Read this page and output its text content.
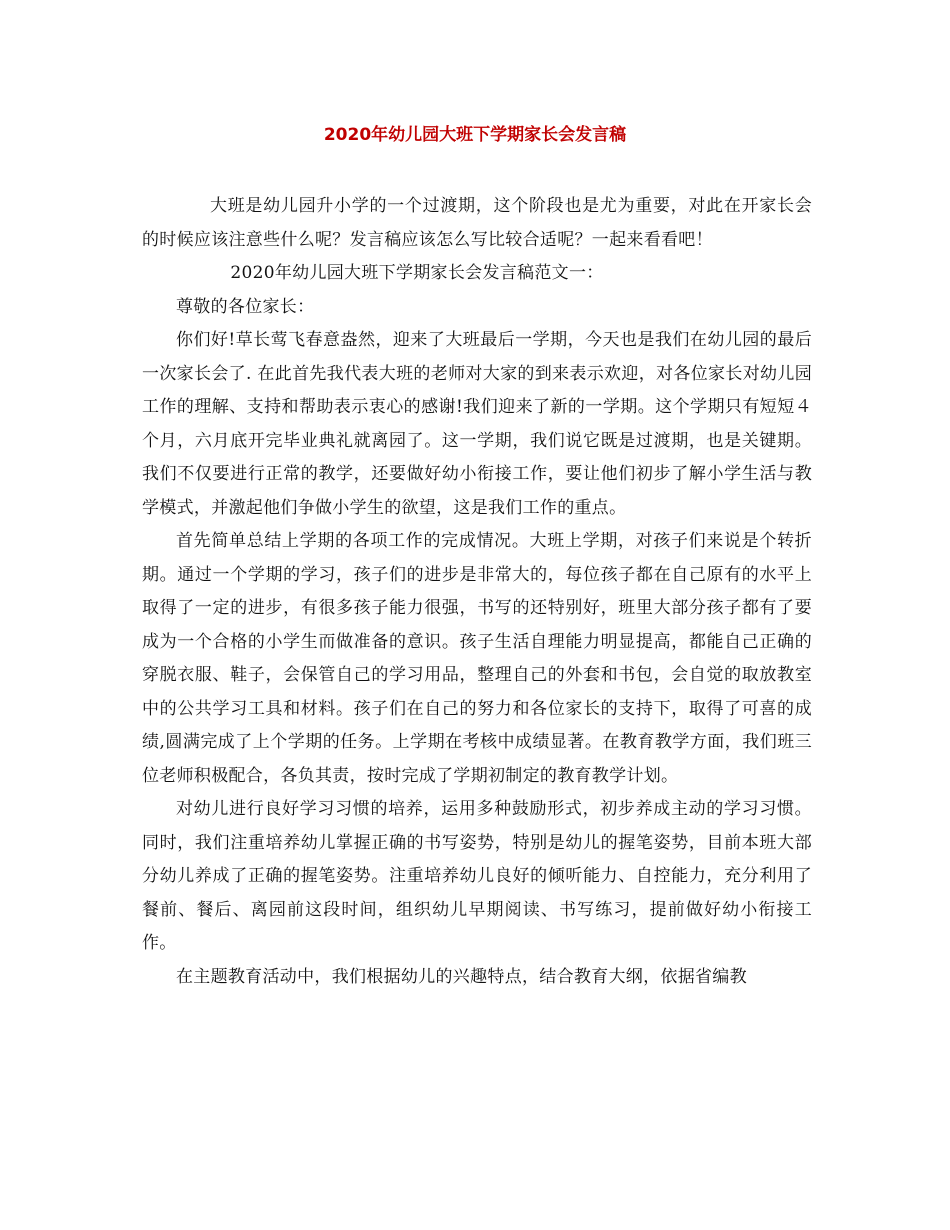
2020年幼儿园大班下学期家长会发言稿

大班是幼儿园升小学的一个过渡期，这个阶段也是尤为重要，对此在开家长会的时候应该注意些什么呢？发言稿应该怎么写比较合适呢？一起来看看吧！

2020年幼儿园大班下学期家长会发言稿范文一：

尊敬的各位家长：

你们好!草长莺飞春意盎然，迎来了大班最后一学期，今天也是我们在幼儿园的最后一次家长会了. 在此首先我代表大班的老师对大家的到来表示欢迎，对各位家长对幼儿园工作的理解、支持和帮助表示衷心的感谢!我们迎来了新的一学期。这个学期只有短短４个月，六月底开完毕业典礼就离园了。这一学期，我们说它既是过渡期，也是关键期。我们不仅要进行正常的教学，还要做好幼小衔接工作，要让他们初步了解小学生活与教学模式，并激起他们争做小学生的欲望，这是我们工作的重点。

首先简单总结上学期的各项工作的完成情况。大班上学期，对孩子们来说是个转折期。通过一个学期的学习，孩子们的进步是非常大的，每位孩子都在自己原有的水平上取得了一定的进步，有很多孩子能力很强，书写的还特别好，班里大部分孩子都有了要成为一个合格的小学生而做准备的意识。孩子生活自理能力明显提高，都能自己正确的穿脱衣服、鞋子，会保管自己的学习用品，整理自己的外套和书包，会自觉的取放教室中的公共学习工具和材料。孩子们在自己的努力和各位家长的支持下，取得了可喜的成绩,圆满完成了上个学期的任务。上学期在考核中成绩显著。在教育教学方面，我们班三位老师积极配合，各负其责，按时完成了学期初制定的教育教学计划。

对幼儿进行良好学习习惯的培养，运用多种鼓励形式，初步养成主动的学习习惯。同时，我们注重培养幼儿掌握正确的书写姿势，特别是幼儿的握笔姿势，目前本班大部分幼儿养成了正确的握笔姿势。注重培养幼儿良好的倾听能力、自控能力，充分利用了餐前、餐后、离园前这段时间，组织幼儿早期阅读、书写练习，提前做好幼小衔接工作。

在主题教育活动中，我们根据幼儿的兴趣特点，结合教育大纲，依据省编教
